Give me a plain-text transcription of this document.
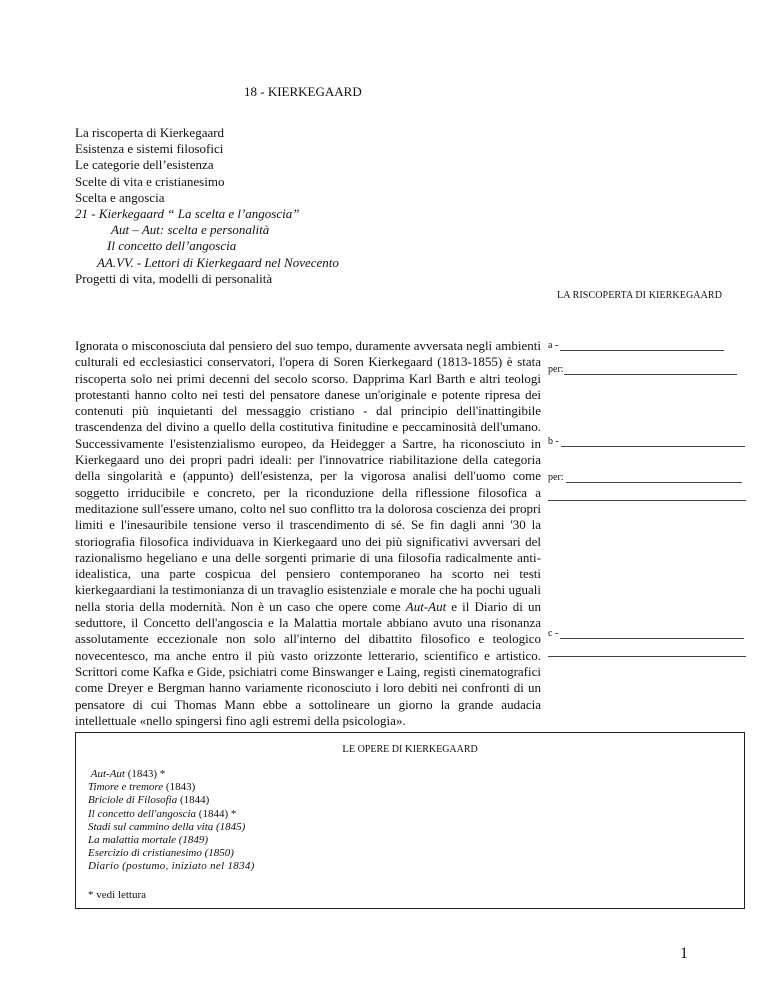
18 - KIERKEGAARD
La riscoperta di Kierkegaard
Esistenza e sistemi filosofici
Le categorie dell’esistenza
Scelte di vita e cristianesimo
Scelta e angoscia
21 - Kierkegaard “ La scelta e l’angoscia”
Aut – Aut: scelta e personalità
Il concetto dell’angoscia
AA.VV. - Lettori di Kierkegaard nel Novecento
Progetti di vita, modelli di personalità
LA RISCOPERTA DI KIERKEGAARD
Ignorata o misconosciuta dal pensiero del suo tempo, duramente avversata negli ambienti culturali ed ecclesiastici conservatori, l'opera di Soren Kierkegaard (1813-1855) è stata riscoperta solo nei primi decenni del secolo scorso. Dapprima Karl Barth e altri teologi protestanti hanno colto nei testi del pensatore danese un'originale e potente ripresa dei contenuti più inquietanti del messaggio cristiano - dal principio dell'inattingibile trascendenza del divino a quello della costitutiva finitudine e peccaminosità dell'umano. Successivamente l'esistenzialismo europeo, da Heidegger a Sartre, ha riconosciuto in Kierkegaard uno dei propri padri ideali: per l'innovatrice riabilitazione della categoria della singolarità e (appunto) dell'esistenza, per la vigorosa analisi dell'uomo come soggetto irriducibile e concreto, per la riconduzione della riflessione filosofica a meditazione sull'essere umano, colto nel suo conflitto tra la dolorosa coscienza dei propri limiti e l'inesauribile tensione verso il trascendimento di sé. Se fin dagli anni '30 la storiografia filosofica individuava in Kierkegaard uno dei più significativi avversari del razionalismo hegeliano e una delle sorgenti primarie di una filosofia radicalmente anti-idealistica, una parte cospicua del pensiero contemporaneo ha scorto nei testi kierkegaardiani la testimonianza di un travaglio esistenziale e morale che ha pochi uguali nella storia della modernità. Non è un caso che opere come Aut-Aut e il Diario di un seduttore, il Concetto dell'angoscia e la Malattia mortale abbiano avuto una risonanza assolutamente eccezionale non solo all'interno del dibattito filosofico e teologico novecentesco, ma anche entro il più vasto orizzonte letterario, scientifico e artistico. Scrittori come Kafka e Gide, psichiatri come Binswanger e Laing, registi cinematografici come Dreyer e Bergman hanno variamente riconosciuto i loro debiti nei confronti di un pensatore di cui Thomas Mann ebbe a sottolineare un giorno la grande audacia intellettuale «nello spingersi fino agli estremi della psicologia».
a -
per:
b -
per:
c -
LE OPERE DI KIERKEGAARD
Aut-Aut (1843) *
Timore e tremore (1843)
Briciole di Filosofia (1844)
Il concetto dell'angoscia (1844) *
Stadi sul cammino della vita (1845)
La malattia mortale (1849)
Esercizio di cristianesimo (1850)
Diario (postumo, iniziato nel 1834)
* vedi lettura
1
